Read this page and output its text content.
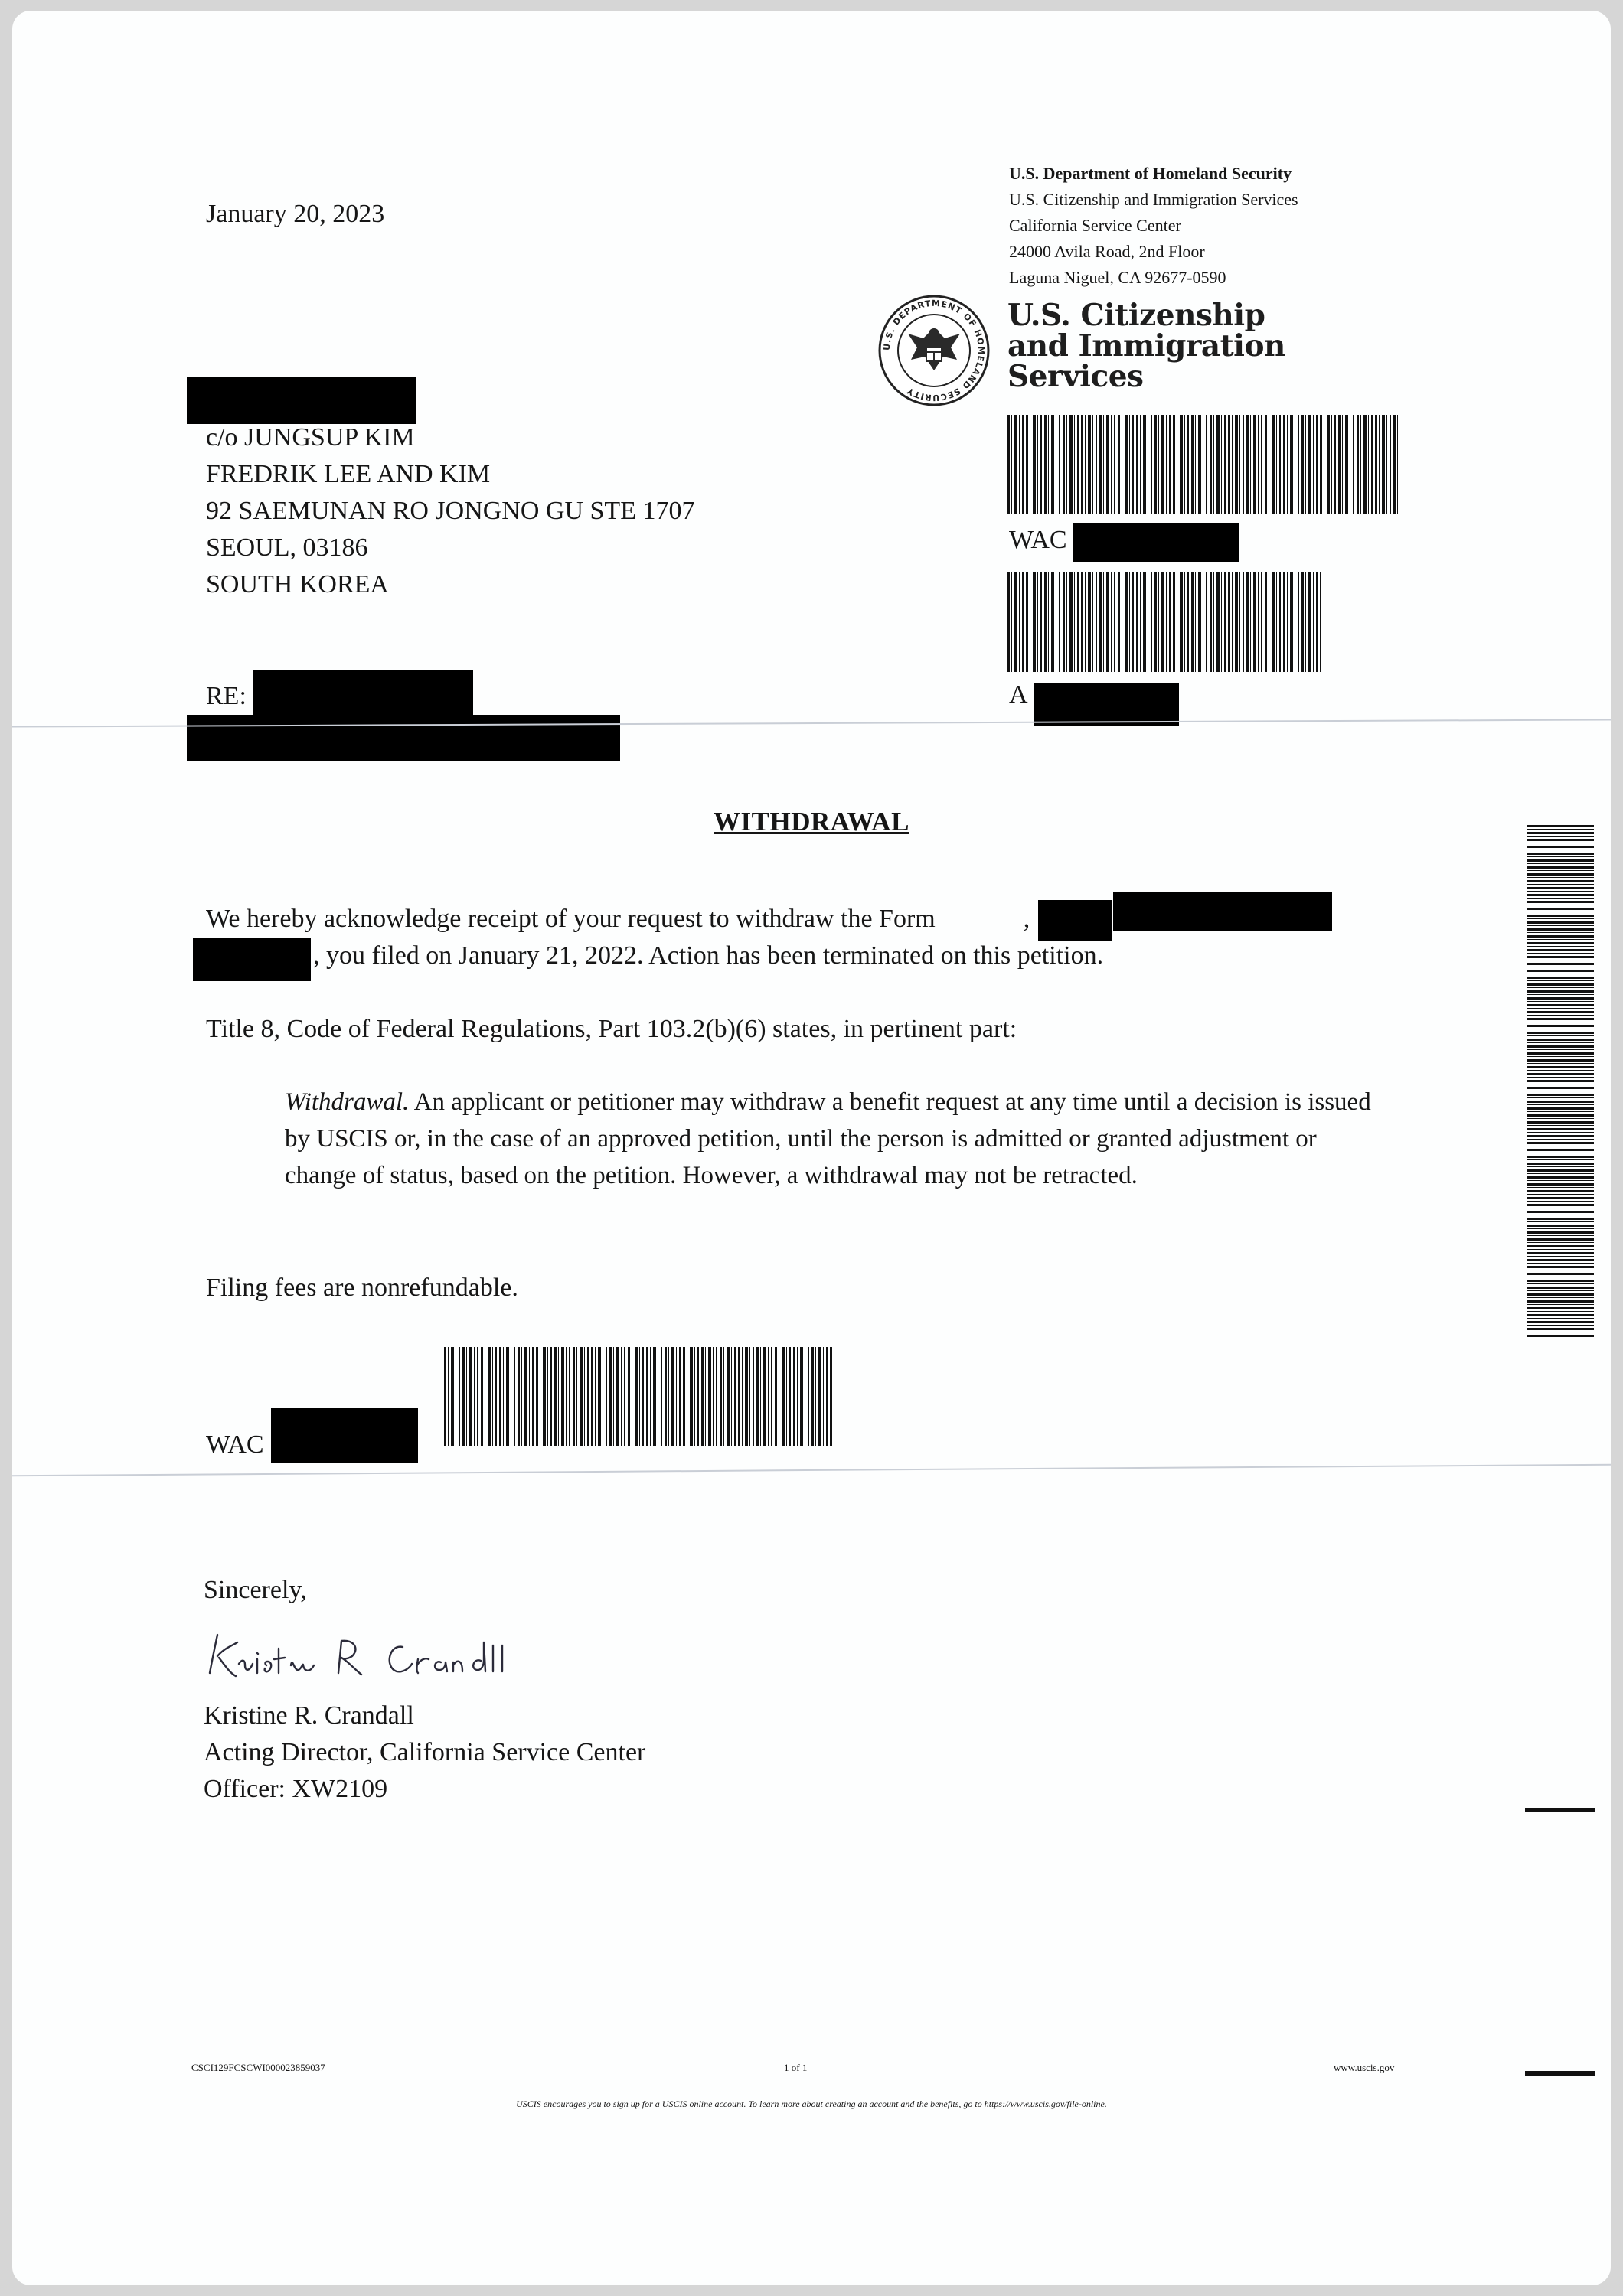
January 20, 2023
U.S. Department of Homeland Security
U.S. Citizenship and Immigration Services
California Service Center
24000 Avila Road, 2nd Floor
Laguna Niguel, CA 92677-0590
U.S. DEPARTMENT OF HOMELAND SECURITY
U.S. Citizenship
and Immigration
Services
WAC
A
c/o JUNGSUP KIM
FREDRIK LEE AND KIM
92 SAEMUNAN RO JONGNO GU STE 1707
SEOUL, 03186
SOUTH KOREA
RE:
WITHDRAWAL
We hereby acknowledge receipt of your request to withdraw the Form	,
, you filed on January 21, 2022. Action has been terminated on this petition.
Title 8, Code of Federal Regulations, Part 103.2(b)(6) states, in pertinent part:
Withdrawal. An applicant or petitioner may withdraw a benefit request at any time until a decision is issued by USCIS or, in the case of an approved petition, until the person is admitted or granted adjustment or change of status, based on the petition. However, a withdrawal may not be retracted.
Filing fees are nonrefundable.
WAC
Sincerely,
Kristine R. Crandall
Acting Director, California Service Center
Officer: XW2109
CSCI129FCSCWI000023859037	1 of 1	www.uscis.gov
USCIS encourages you to sign up for a USCIS online account. To learn more about creating an account and the benefits, go to https://www.uscis.gov/file-online.
